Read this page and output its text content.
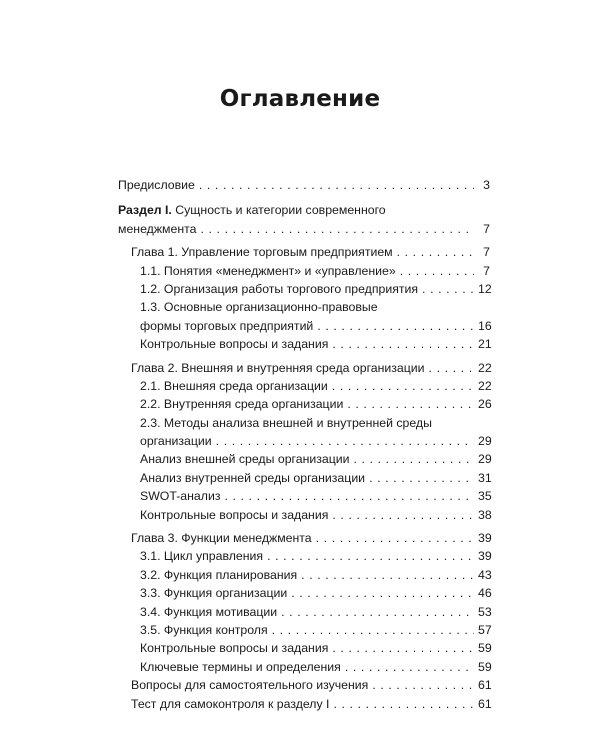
Оглавление
Предисловие . . .	3
Раздел I. Сущность и категории современного
менеджмента . . .	7
Глава 1. Управление торговым предприятием . . .	7
1.1. Понятия «менеджмент» и «управление» . . .	7
1.2. Организация работы торгового предприятия . . .	12
1.3. Основные организационно-правовые
формы торговых предприятий . . .	16
Контрольные вопросы и задания . . .	21
Глава 2. Внешняя и внутренняя среда организации . . .	22
2.1. Внешняя среда организации . . .	22
2.2. Внутренняя среда организации . . .	26
2.3. Методы анализа внешней и внутренней среды
организации . . .	29
Анализ внешней среды организации . . .	29
Анализ внутренней среды организации . . .	31
SWOT-анализ . . .	35
Контрольные вопросы и задания . . .	38
Глава 3. Функции менеджмента . . .	39
3.1. Цикл управления . . .	39
3.2. Функция планирования . . .	43
3.3. Функция организации . . .	46
3.4. Функция мотивации . . .	53
3.5. Функция контроля . . .	57
Контрольные вопросы и задания . . .	59
Ключевые термины и определения . . .	59
Вопросы для самостоятельного изучения . . .	61
Тест для самоконтроля к разделу I . . .	61
